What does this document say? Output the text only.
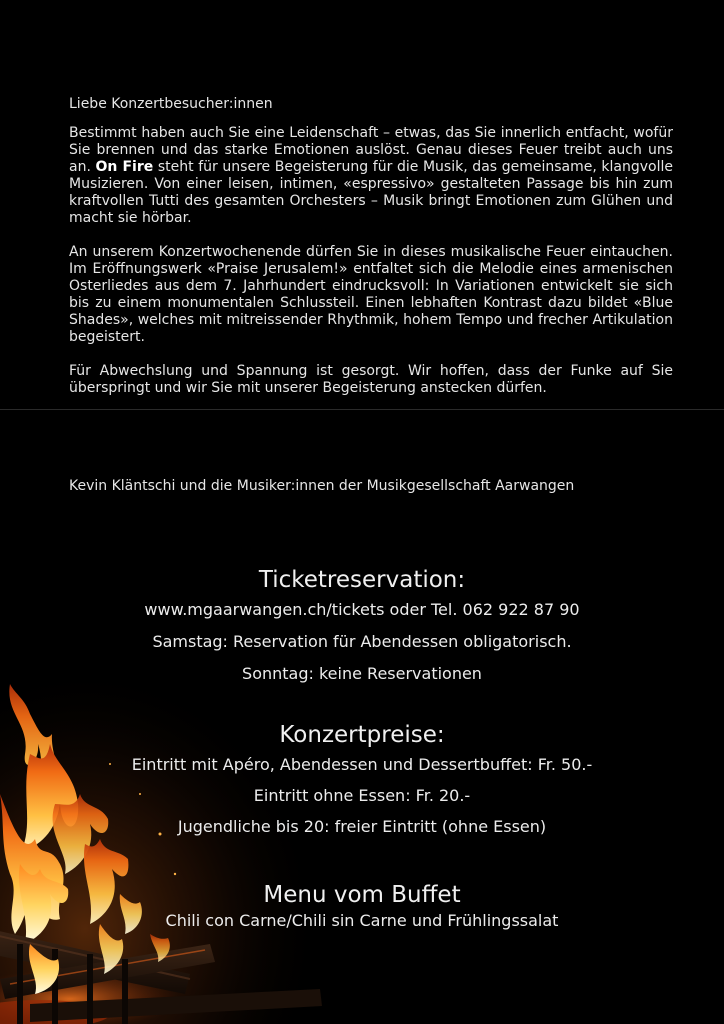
Liebe Konzertbesucher:innen

Bestimmt haben auch Sie eine Leidenschaft – etwas, das Sie innerlich entfacht, wofür Sie brennen und das starke Emotionen auslöst. Genau dieses Feuer treibt auch uns an. On Fire steht für unsere Begeisterung für die Musik, das gemeinsame, klangvolle Musizieren. Von einer leisen, intimen, «espressivo» gestalteten Passage bis hin zum kraftvollen Tutti des gesamten Orchesters – Musik bringt Emotionen zum Glühen und macht sie hörbar.

An unserem Konzertwochenende dürfen Sie in dieses musikalische Feuer eintauchen. Im Eröffnungswerk «Praise Jerusalem!» entfaltet sich die Melodie eines armenischen Osterliedes aus dem 7. Jahrhundert eindrucksvoll: In Variationen entwickelt sie sich bis zu einem monumentalen Schlussteil. Einen lebhaften Kontrast dazu bildet «Blue Shades», welches mit mitreissender Rhythmik, hohem Tempo und frecher Artikulation begeistert.

Für Abwechslung und Spannung ist gesorgt. Wir hoffen, dass der Funke auf Sie überspringt und wir Sie mit unserer Begeisterung anstecken dürfen.

Kevin Kläntschi und die Musiker:innen der Musikgesellschaft Aarwangen
Ticketreservation:
www.mgaarwangen.ch/tickets oder Tel. 062 922 87 90
Samstag: Reservation für Abendessen obligatorisch.
Sonntag: keine Reservationen
Konzertpreise:
Eintritt mit Apéro, Abendessen und Dessertbuffet: Fr. 50.-
Eintritt ohne Essen: Fr. 20.-
Jugendliche bis 20: freier Eintritt (ohne Essen)
Menu vom Buffet
Chili con Carne/Chili sin Carne und Frühlingssalat
